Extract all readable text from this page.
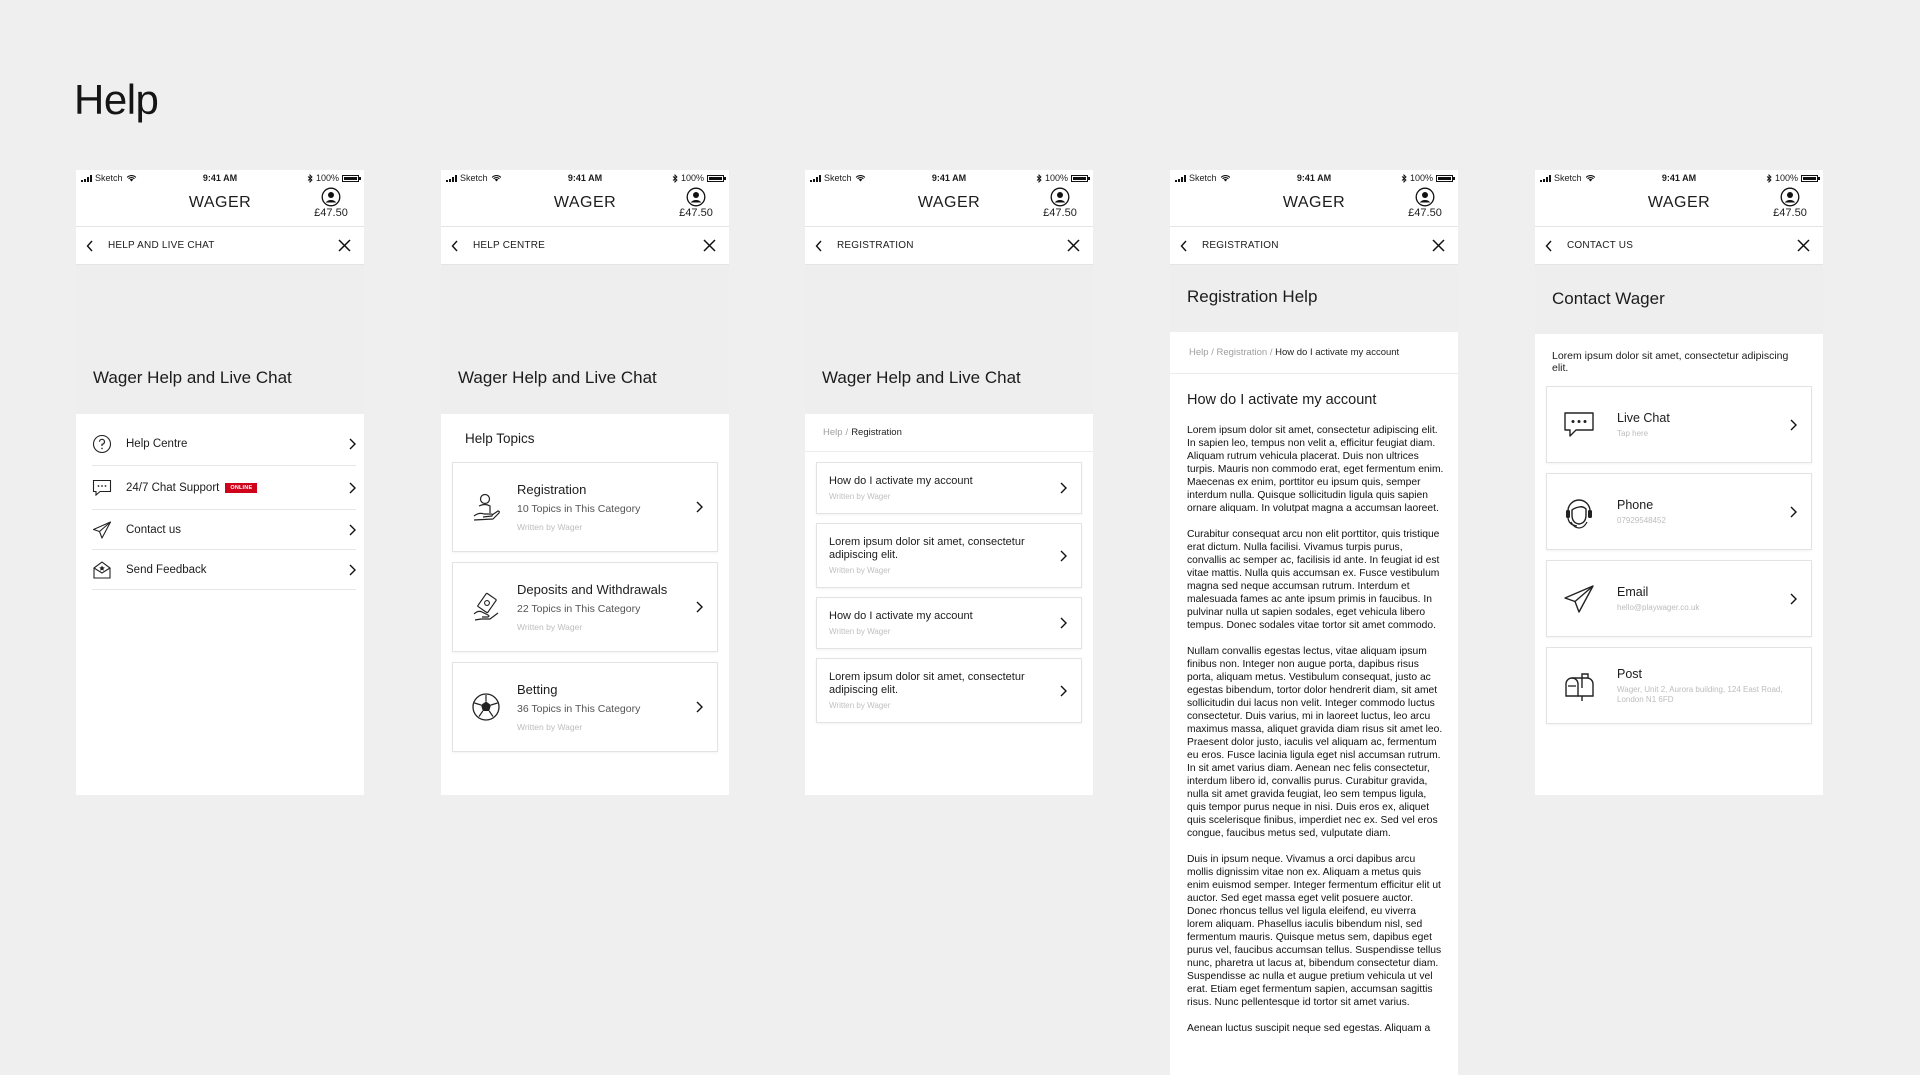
Help
Sketch	9:41 AM	100%
WAGER
£47.50
HELP AND LIVE CHAT
Wager Help and Live Chat
Help Centre
24/7 Chat Support	ONLINE
Contact us
Send Feedback
Sketch	9:41 AM	100%
WAGER
£47.50
HELP CENTRE
Wager Help and Live Chat
Help Topics
Registration
10 Topics in This Category
Written by Wager
Deposits and Withdrawals
22 Topics in This Category
Written by Wager
Betting
36 Topics in This Category
Written by Wager
Sketch	9:41 AM	100%
WAGER
£47.50
REGISTRATION
Wager Help and Live Chat
Help / Registration
How do I activate my account
Written by Wager
Lorem ipsum dolor sit amet, consectetur adipiscing elit.
Written by Wager
How do I activate my account
Written by Wager
Lorem ipsum dolor sit amet, consectetur adipiscing elit.
Written by Wager
Sketch	9:41 AM	100%
WAGER
£47.50
REGISTRATION
Registration Help
Help
/
Registration
/
How do I activate my account
How do I activate my account

Lorem ipsum dolor sit amet, consectetur adipiscing elit. In sapien leo, tempus non velit a, efficitur feugiat diam. Aliquam rutrum vehicula placerat. Duis non ultrices turpis. Mauris non commodo erat, eget fermentum enim. Maecenas ex enim, porttitor eu ipsum quis, semper interdum nulla. Quisque sollicitudin ligula quis sapien ornare aliquam. In volutpat magna a accumsan laoreet.

Curabitur consequat arcu non elit porttitor, quis tristique erat dictum. Nulla facilisi. Vivamus turpis purus, convallis ac semper ac, facilisis id ante. In feugiat id est vitae mattis. Nulla quis accumsan ex. Fusce vestibulum magna sed neque accumsan rutrum. Interdum et malesuada fames ac ante ipsum primis in faucibus. In pulvinar nulla ut sapien sodales, eget vehicula libero tempus. Donec sodales vitae tortor sit amet commodo.

Nullam convallis egestas lectus, vitae aliquam ipsum finibus non. Integer non augue porta, dapibus risus porta, aliquam metus. Vestibulum consequat, justo ac egestas bibendum, tortor dolor hendrerit diam, sit amet sollicitudin dui lacus non velit. Integer commodo luctus consectetur. Duis varius, mi in laoreet luctus, leo arcu maximus massa, aliquet gravida diam risus sit amet leo. Praesent dolor justo, iaculis vel aliquam ac, fermentum eu eros. Fusce lacinia ligula eget nisl accumsan rutrum. In sit amet varius diam. Aenean nec felis consectetur, interdum libero id, convallis purus. Curabitur gravida, nulla sit amet gravida feugiat, leo sem tempus ligula, quis tempor purus neque in nisi. Duis eros ex, aliquet quis scelerisque finibus, imperdiet nec ex. Sed vel eros congue, faucibus metus sed, vulputate diam.

Duis in ipsum neque. Vivamus a orci dapibus arcu mollis dignissim vitae non ex. Aliquam a metus quis enim euismod semper. Integer fermentum efficitur elit ut auctor. Sed eget massa eget velit posuere auctor. Donec rhoncus tellus vel ligula eleifend, eu viverra lorem aliquam. Phasellus iaculis bibendum nisl, sed fermentum mauris. Quisque metus sem, dapibus eget purus vel, faucibus accumsan tellus. Suspendisse tellus nunc, pharetra ut lacus at, bibendum consectetur diam. Suspendisse ac nulla et augue pretium vehicula ut vel erat. Etiam eget fermentum sapien, accumsan sagittis risus. Nunc pellentesque id tortor sit amet varius.

Aenean luctus suscipit neque sed egestas. Aliquam a

Sketch	9:41 AM	100%
WAGER
£47.50
CONTACT US
Contact Wager
Lorem ipsum dolor sit amet, consectetur adipiscing elit.
Live Chat
Tap here
Phone
07929548452
Email
hello@playwager.co.uk
Post
Wager, Unit 2, Aurora building, 124 East Road, London N1 6FD
